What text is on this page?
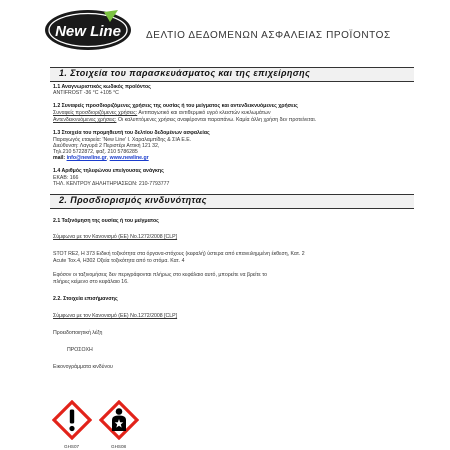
New Line	ΔΕΛΤΙΟ ΔΕΔΟΜΕΝΩΝ ΑΣΦΑΛΕΙΑΣ ΠΡΟΪΟΝΤΟΣ
1. Στοιχεία του παρασκευάσματος και της επιχείρησης
1.1 Αναγνωριστικός κωδικός προϊόντος
ANTIFROST -36 °C +105 °C
1.2 Συναφείς προσδιοριζόμενες χρήσεις της ουσίας ή του μείγματος και αντενδεικνυόμενες χρήσεις
Συναφείς προσδιοριζόμενες χρήσεις: Αντιπαγωτικό και αντιθερμικό υγρό κλειστών κυκλωμάτων
Αντενδεικνυόμενες χρήσεις: Οι καλυπτόμενες χρήσεις αναφέρονται παραπάνω. Καμία άλλη χρήση δεν προτείνεται.
1.3 Στοιχεία του προμηθευτή του δελτίου δεδομένων ασφαλείας
Παραγωγός εταιρεία: 'New Line' I. Χαραλαμπίδης & ΣΙΑ Ε.Ε.
Διεύθυνση: Λαγυρά 2 Περιστέρι Αττική 121 32,
Τηλ.210 5722872, φαξ. 210 5786285
mail: info@newline.gr, www.newline.gr
1.4 Αριθμός τηλεφώνου επείγουσας ανάγκης
ΕΚΑΒ: 166
ΤΗΛ. ΚΕΝΤΡΟΥ ΔΗΛΗΤΗΡΙΑΣΕΩΝ: 210-7793777
2. Προσδιορισμός κινδυνότητας
2.1 Ταξινόμηση της ουσίας ή του μείγματος
Σύμφωνα με τον Κανονισμό (ΕΕ) Νο.1272/2008 [CLP]
STOT RE2, H 373 Ειδική τοξικότητα στα όργανα-στόχους (κεφαλή) ύστερα από επανειλημμένη έκθεση, Κατ. 2
Acute Tox.4, H302 Οξεία τοξικότητα από το στόμα. Κατ. 4
Εφόσον οι ταξινομήσεις δεν περιγράφονται πλήρως στο κεφάλαιο αυτό, μπορείτε να βρείτε το
πλήρες κείμενο στο κεφάλαιο 16.
2.2. Στοιχεία επισήμανσης
Σύμφωνα με τον Κανονισμό (ΕΕ) Νο.1272/2008 [CLP]
Προειδοποιητική λέξη
ΠΡΟΣΟΧΗ
Εικονογράμματα κινδύνου
GHS07	GHS08
